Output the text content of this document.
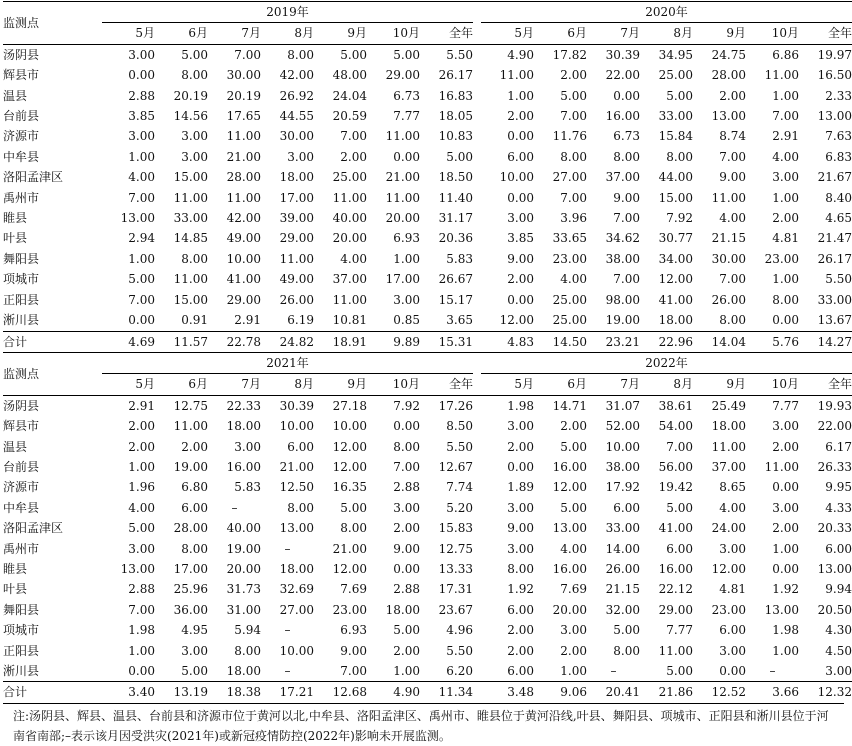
监测点	2019年								2020年						
	5月	6月	7月	8月	9月	10月	全年		5月	6月	7月	8月	9月	10月	全年
汤阴县	3.00	5.00	7.00	8.00	5.00	5.00	5.50		4.90	17.82	30.39	34.95	24.75	6.86	19.97
辉县市	0.00	8.00	30.00	42.00	48.00	29.00	26.17		11.00	2.00	22.00	25.00	28.00	11.00	16.50
温县	2.88	20.19	20.19	26.92	24.04	6.73	16.83		1.00	5.00	0.00	5.00	2.00	1.00	2.33
台前县	3.85	14.56	17.65	44.55	20.59	7.77	18.05		2.00	7.00	16.00	33.00	13.00	7.00	13.00
济源市	3.00	3.00	11.00	30.00	7.00	11.00	10.83		0.00	11.76	6.73	15.84	8.74	2.91	7.63
中牟县	1.00	3.00	21.00	3.00	2.00	0.00	5.00		6.00	8.00	8.00	8.00	7.00	4.00	6.83
洛阳孟津区	4.00	15.00	28.00	18.00	25.00	21.00	18.50		10.00	27.00	37.00	44.00	9.00	3.00	21.67
禹州市	7.00	11.00	11.00	17.00	11.00	11.00	11.40		0.00	7.00	9.00	15.00	11.00	1.00	8.40
睢县	13.00	33.00	42.00	39.00	40.00	20.00	31.17		3.00	3.96	7.00	7.92	4.00	2.00	4.65
叶县	2.94	14.85	49.00	29.00	20.00	6.93	20.36		3.85	33.65	34.62	30.77	21.15	4.81	21.47
舞阳县	1.00	8.00	10.00	11.00	4.00	1.00	5.83		9.00	23.00	38.00	34.00	30.00	23.00	26.17
项城市	5.00	11.00	41.00	49.00	37.00	17.00	26.67		2.00	4.00	7.00	12.00	7.00	1.00	5.50
正阳县	7.00	15.00	29.00	26.00	11.00	3.00	15.17		0.00	25.00	98.00	41.00	26.00	8.00	33.00
淅川县	0.00	0.91	2.91	6.19	10.81	0.85	3.65		12.00	25.00	19.00	18.00	8.00	0.00	13.67
合计	4.69	11.57	22.78	24.82	18.91	9.89	15.31		4.83	14.50	23.21	22.96	14.04	5.76	14.27
监测点	2021年								2022年						
	5月	6月	7月	8月	9月	10月	全年		5月	6月	7月	8月	9月	10月	全年
汤阴县	2.91	12.75	22.33	30.39	27.18	7.92	17.26		1.98	14.71	31.07	38.61	25.49	7.77	19.93
辉县市	2.00	11.00	18.00	10.00	10.00	0.00	8.50		3.00	2.00	52.00	54.00	18.00	3.00	22.00
温县	2.00	2.00	3.00	6.00	12.00	8.00	5.50		2.00	5.00	10.00	7.00	11.00	2.00	6.17
台前县	1.00	19.00	16.00	21.00	12.00	7.00	12.67		0.00	16.00	38.00	56.00	37.00	11.00	26.33
济源市	1.96	6.80	5.83	12.50	16.35	2.88	7.74		1.89	12.00	17.92	19.42	8.65	0.00	9.95
中牟县	4.00	6.00	–	8.00	5.00	3.00	5.20		3.00	5.00	6.00	5.00	4.00	3.00	4.33
洛阳孟津区	5.00	28.00	40.00	13.00	8.00	2.00	15.83		9.00	13.00	33.00	41.00	24.00	2.00	20.33
禹州市	3.00	8.00	19.00	–	21.00	9.00	12.75		3.00	4.00	14.00	6.00	3.00	1.00	6.00
睢县	13.00	17.00	20.00	18.00	12.00	0.00	13.33		8.00	16.00	26.00	16.00	12.00	0.00	13.00
叶县	2.88	25.96	31.73	32.69	7.69	2.88	17.31		1.92	7.69	21.15	22.12	4.81	1.92	9.94
舞阳县	7.00	36.00	31.00	27.00	23.00	18.00	23.67		6.00	20.00	32.00	29.00	23.00	13.00	20.50
项城市	1.98	4.95	5.94	–	6.93	5.00	4.96		2.00	3.00	5.00	7.77	6.00	1.98	4.30
正阳县	1.00	3.00	8.00	10.00	9.00	2.00	5.50		2.00	2.00	8.00	11.00	3.00	1.00	4.50
淅川县	0.00	5.00	18.00	–	7.00	1.00	6.20		6.00	1.00	–	5.00	0.00	–	3.00
合计	3.40	13.19	18.38	17.21	12.68	4.90	11.34		3.48	9.06	20.41	21.86	12.52	3.66	12.32
注:汤阴县、辉县、温县、台前县和济源市位于黄河以北,中牟县、洛阳孟津区、禹州市、睢县位于黄河沿线,叶县、舞阳县、项城市、正阳县和淅川县位于河南省南部;–表示该月因受洪灾(2021年)或新冠疫情防控(2022年)影响未开展监测。
